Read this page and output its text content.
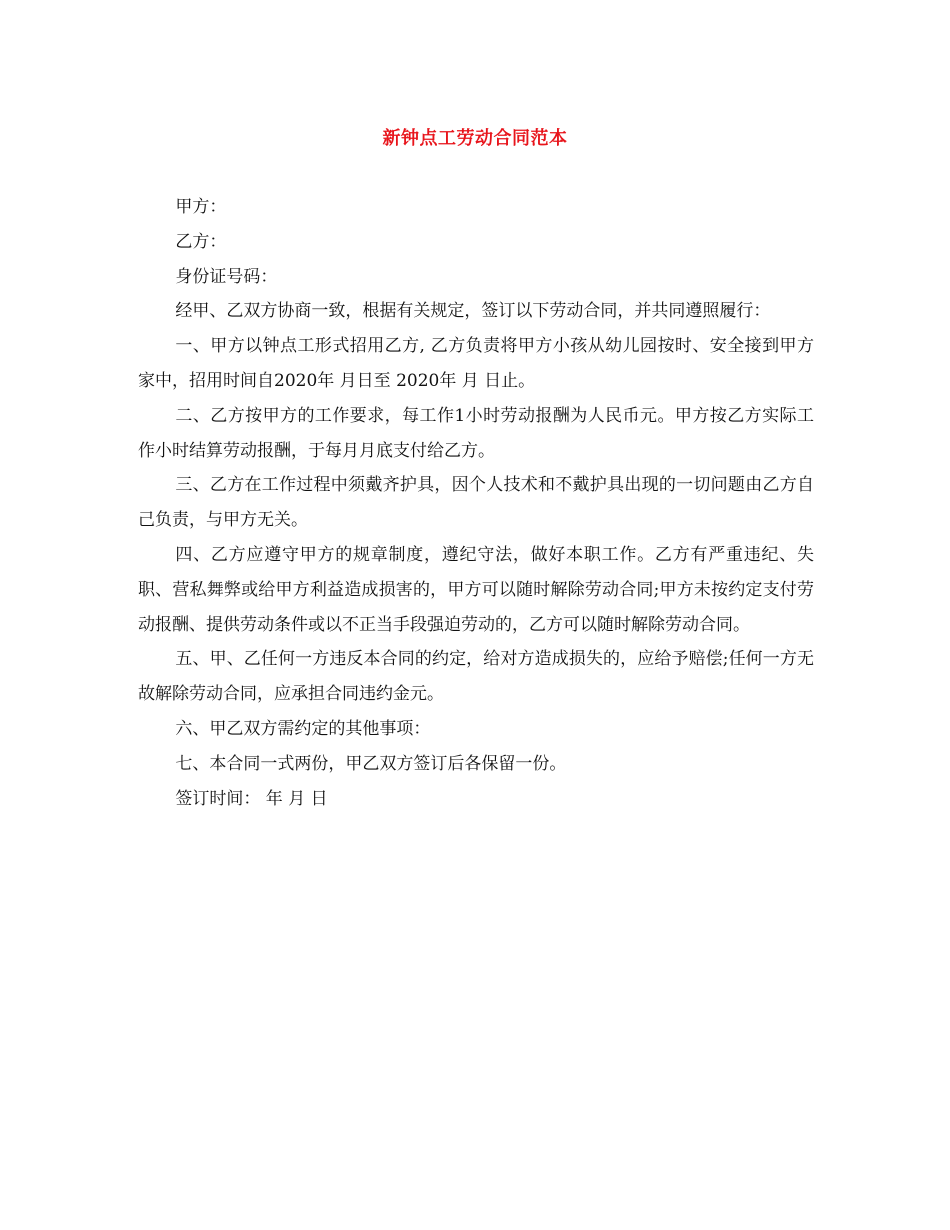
新钟点工劳动合同范本

甲方：

乙方：

身份证号码：

经甲、乙双方协商一致，根据有关规定，签订以下劳动合同，并共同遵照履行：

一、甲方以钟点工形式招用乙方, 乙方负责将甲方小孩从幼儿园按时、安全接到甲方家中，招用时间自2020年 月日至 2020年 月 日止。

二、乙方按甲方的工作要求，每工作1小时劳动报酬为人民币元。甲方按乙方实际工作小时结算劳动报酬，于每月月底支付给乙方。

三、乙方在工作过程中须戴齐护具，因个人技术和不戴护具出现的一切问题由乙方自己负责，与甲方无关。

四、乙方应遵守甲方的规章制度，遵纪守法，做好本职工作。乙方有严重违纪、失职、营私舞弊或给甲方利益造成损害的，甲方可以随时解除劳动合同;甲方未按约定支付劳动报酬、提供劳动条件或以不正当手段强迫劳动的，乙方可以随时解除劳动合同。

五、甲、乙任何一方违反本合同的约定，给对方造成损失的，应给予赔偿;任何一方无故解除劳动合同，应承担合同违约金元。

六、甲乙双方需约定的其他事项：

七、本合同一式两份，甲乙双方签订后各保留一份。

签订时间： 年 月 日
